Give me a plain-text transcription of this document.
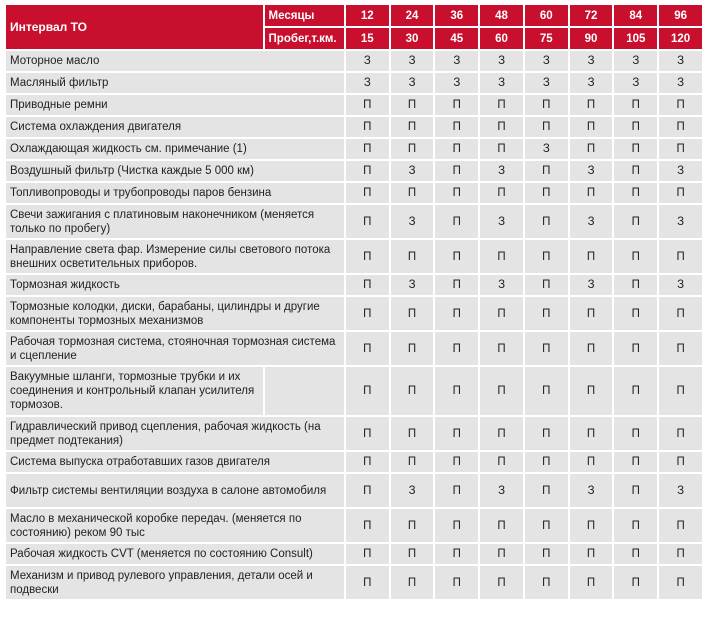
Интервал ТО	Месяцы	12	24	36	48	60	72	84	96
	Пробег,т.км.	15	30	45	60	75	90	105	120
Моторное масло		З	З	З	З	З	З	З	З
Масляный фильтр		З	З	З	З	З	З	З	З
Приводные ремни		П	П	П	П	П	П	П	П
Система охлаждения двигателя		П	П	П	П	П	П	П	П
Охлаждающая жидкость см. примечание (1)		П	П	П	П	З	П	П	П
Воздушный фильтр (Чистка каждые 5 000 км)		П	З	П	З	П	З	П	З
Топливопроводы и трубопроводы паров бензина		П	П	П	П	П	П	П	П
Свечи зажигания с платиновым наконечником (меняется только по пробегу)		П	З	П	З	П	З	П	З
Направление света фар. Измерение силы светового потока внешних осветительных приборов.		П	П	П	П	П	П	П	П
Тормозная жидкость		П	З	П	З	П	З	П	З
Тормозные колодки, диски, барабаны, цилиндры и другие компоненты тормозных механизмов		П	П	П	П	П	П	П	П
Рабочая тормозная система, стояночная тормозная система и сцепление		П	П	П	П	П	П	П	П
Вакуумные шланги, тормозные трубки и их соединения и контрольный клапан усилителя тормозов.		П	П	П	П	П	П	П	П
Гидравлический привод сцепления, рабочая жидкость (на предмет подтекания)		П	П	П	П	П	П	П	П
Система выпуска отработавших газов двигателя		П	П	П	П	П	П	П	П
Фильтр системы вентиляции воздуха в салоне автомобиля		П	З	П	З	П	З	П	З
Масло в механической коробке передач. (меняется по состоянию) реком 90 тыс		П	П	П	П	П	П	П	П
Рабочая жидкость CVT (меняется по состоянию Consult)		П	П	П	П	П	П	П	П
Механизм и привод рулевого управления, детали осей и подвески		П	П	П	П	П	П	П	П
